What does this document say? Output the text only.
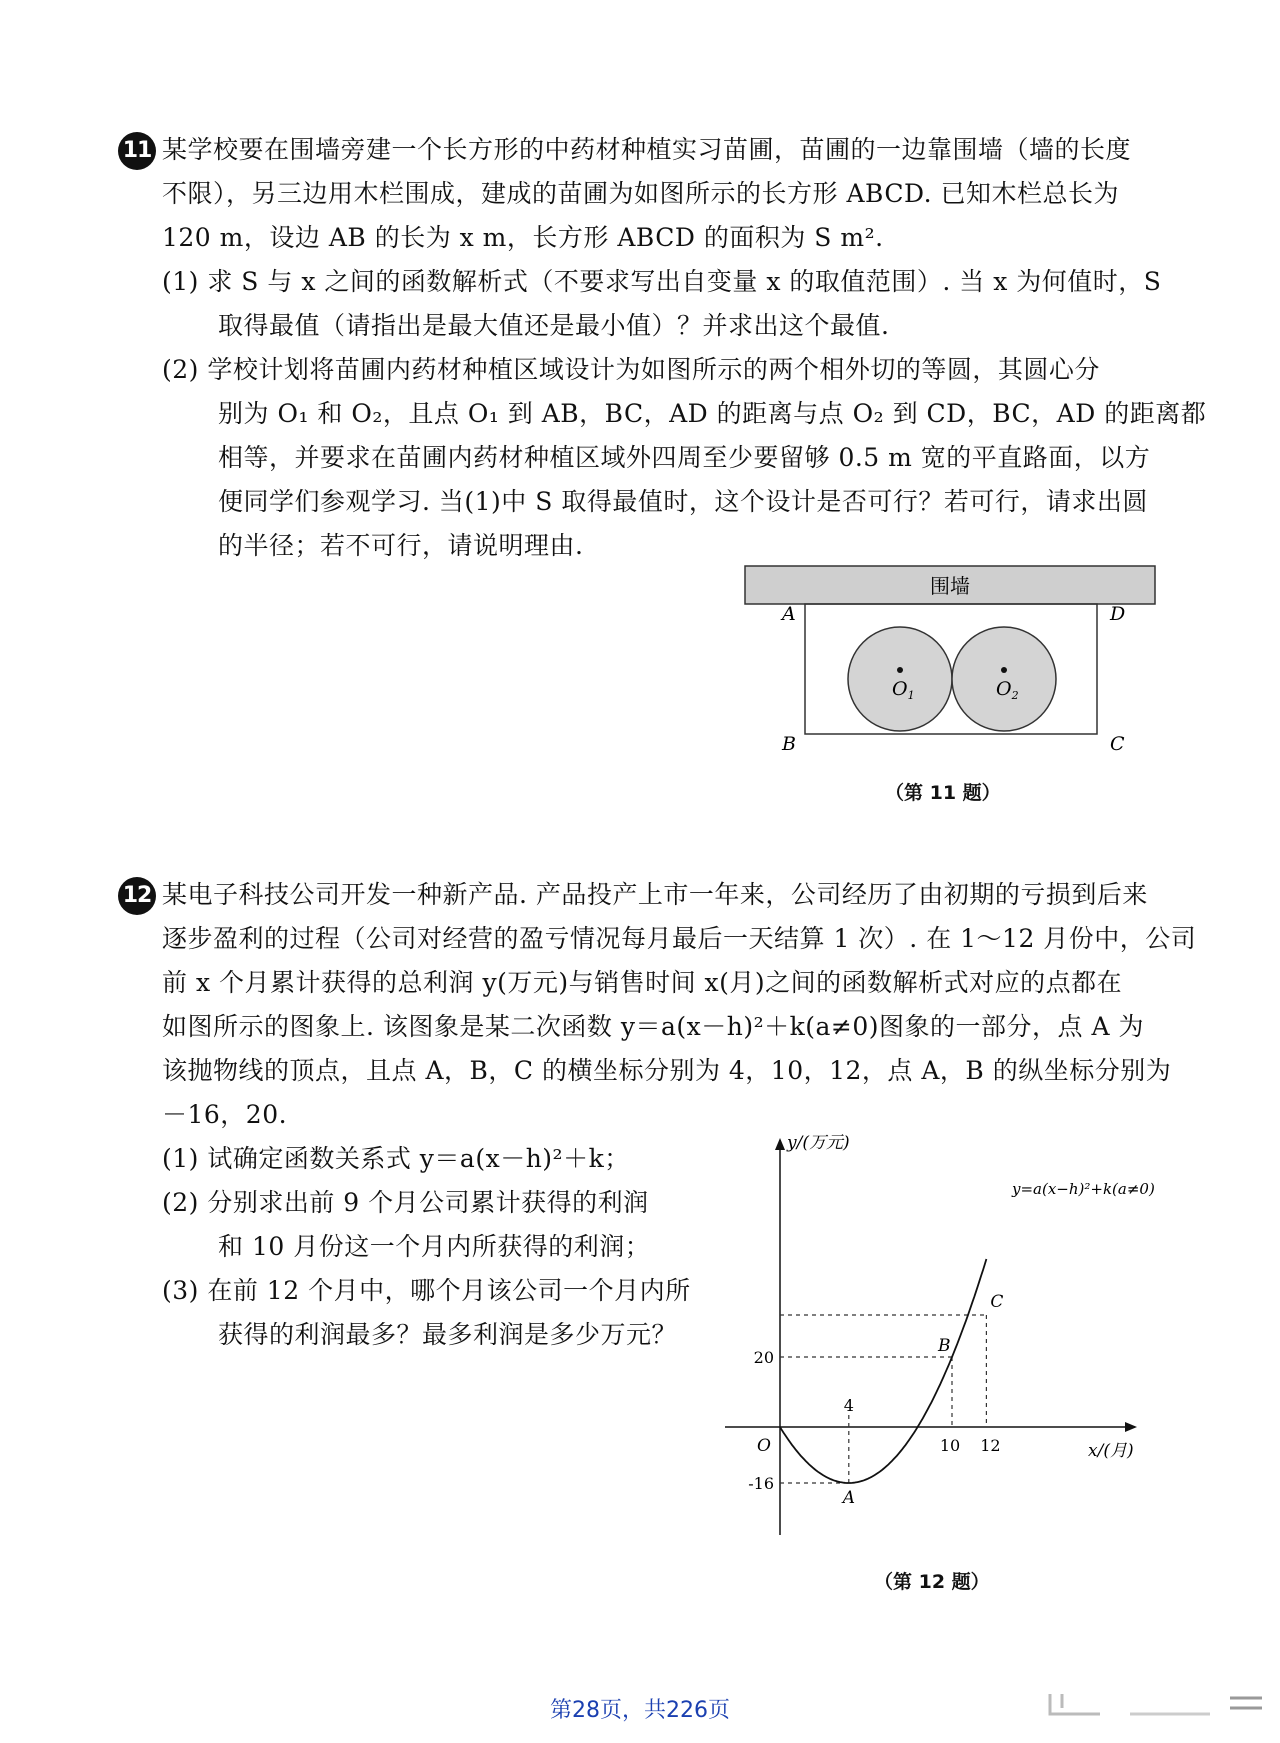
11 某学校要在围墙旁建一个长方形的中药材种植实习苗圃，苗圃的一边靠围墙（墙的长度
不限），另三边用木栏围成，建成的苗圃为如图所示的长方形 ABCD. 已知木栏总长为
120 m，设边 AB 的长为 x m，长方形 ABCD 的面积为 S m².
(1) 求 S 与 x 之间的函数解析式（不要求写出自变量 x 的取值范围）. 当 x 为何值时，S
取得最值（请指出是最大值还是最小值）？并求出这个最值.
(2) 学校计划将苗圃内药材种植区域设计为如图所示的两个相外切的等圆，其圆心分
别为 O₁ 和 O₂，且点 O₁ 到 AB，BC，AD 的距离与点 O₂ 到 CD，BC，AD 的距离都
相等，并要求在苗圃内药材种植区域外四周至少要留够 0.5 m 宽的平直路面，以方
便同学们参观学习. 当(1)中 S 取得最值时，这个设计是否可行？若可行，请求出圆
的半径；若不可行，请说明理由.
围墙
$O_1$	$O_2$
A	D
B	C
（第 11 题）
12 某电子科技公司开发一种新产品. 产品投产上市一年来，公司经历了由初期的亏损到后来
逐步盈利的过程（公司对经营的盈亏情况每月最后一天结算 1 次）. 在 1～12 月份中，公司
前 x 个月累计获得的总利润 y(万元)与销售时间 x(月)之间的函数解析式对应的点都在
如图所示的图象上. 该图象是某二次函数 y＝a(x－h)²＋k(a≠0)图象的一部分，点 A 为
该抛物线的顶点，且点 A，B，C 的横坐标分别为 4，10，12，点 A，B 的纵坐标分别为
－16，20.
(1) 试确定函数关系式 y＝a(x－h)²＋k；
(2) 分别求出前 9 个月公司累计获得的利润
和 10 月份这一个月内所获得的利润；
(3) 在前 12 个月中，哪个月该公司一个月内所
获得的利润最多？最多利润是多少万元？
y/(万元)
x/(月)
O
y=a(x−h)²+k(a≠0)
4
10 12
20
-16
A
B
C
（第 12 题）
第28页，共226页
